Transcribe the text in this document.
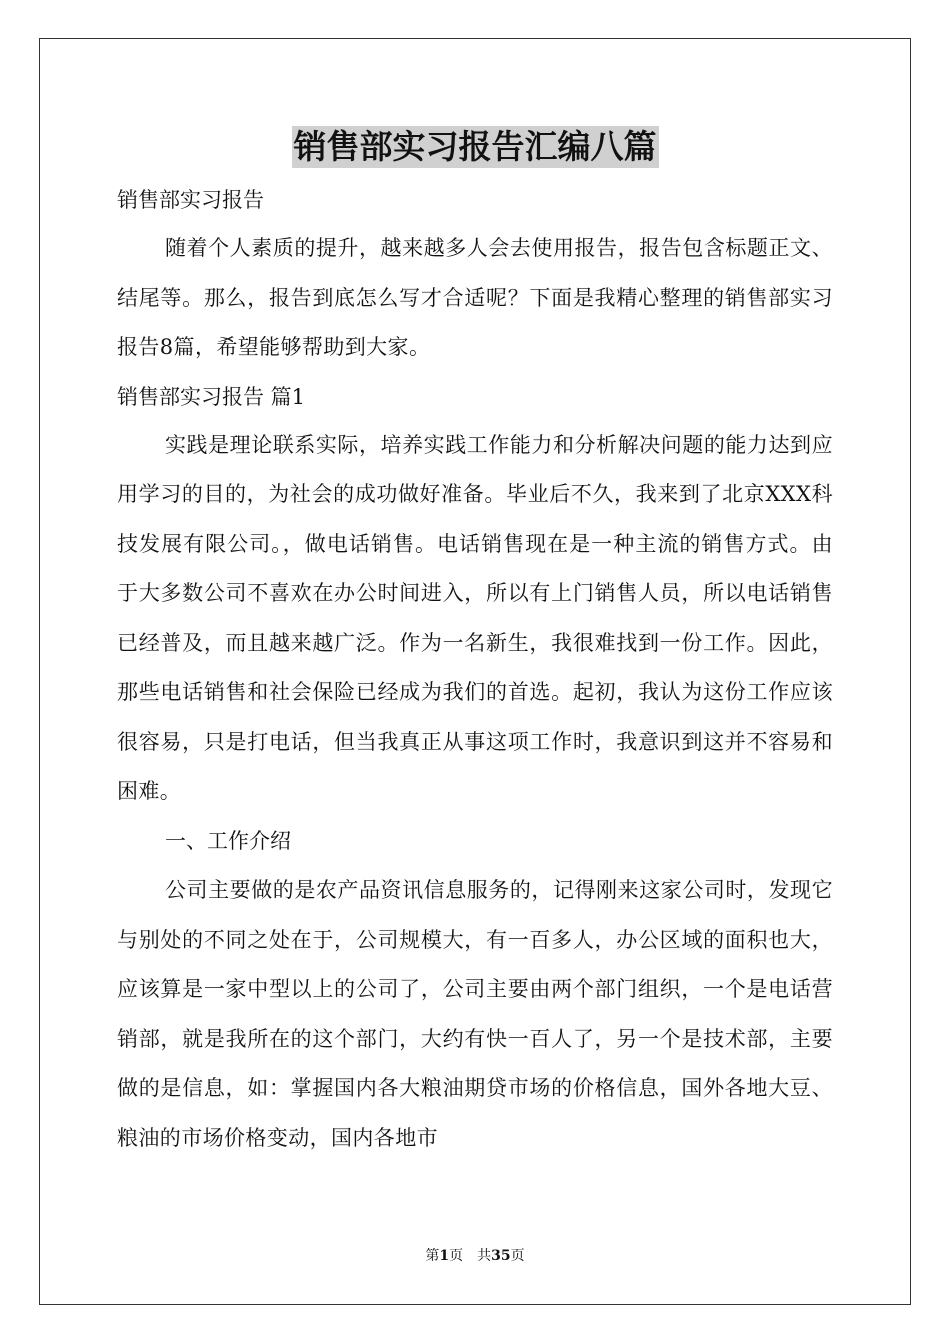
销售部实习报告汇编八篇
销售部实习报告

随着个人素质的提升，越来越多人会去使用报告，报告包含标题正文、结尾等。那么，报告到底怎么写才合适呢？下面是我精心整理的销售部实习报告8篇，希望能够帮助到大家。

销售部实习报告 篇1

实践是理论联系实际，培养实践工作能力和分析解决问题的能力达到应用学习的目的，为社会的成功做好准备。毕业后不久，我来到了北京XXX科技发展有限公司。，做电话销售。电话销售现在是一种主流的销售方式。由于大多数公司不喜欢在办公时间进入，所以有上门销售人员，所以电话销售已经普及，而且越来越广泛。作为一名新生，我很难找到一份工作。因此，那些电话销售和社会保险已经成为我们的首选。起初，我认为这份工作应该很容易，只是打电话，但当我真正从事这项工作时，我意识到这并不容易和困难。

一、工作介绍

公司主要做的是农产品资讯信息服务的，记得刚来这家公司时，发现它与别处的不同之处在于，公司规模大，有一百多人，办公区域的面积也大，应该算是一家中型以上的公司了，公司主要由两个部门组织，一个是电话营销部，就是我所在的这个部门，大约有快一百人了，另一个是技术部，主要做的是信息，如：掌握国内各大粮油期贷市场的价格信息，国外各地大豆、粮油的市场价格变动，国内各地市

第1页　共35页
